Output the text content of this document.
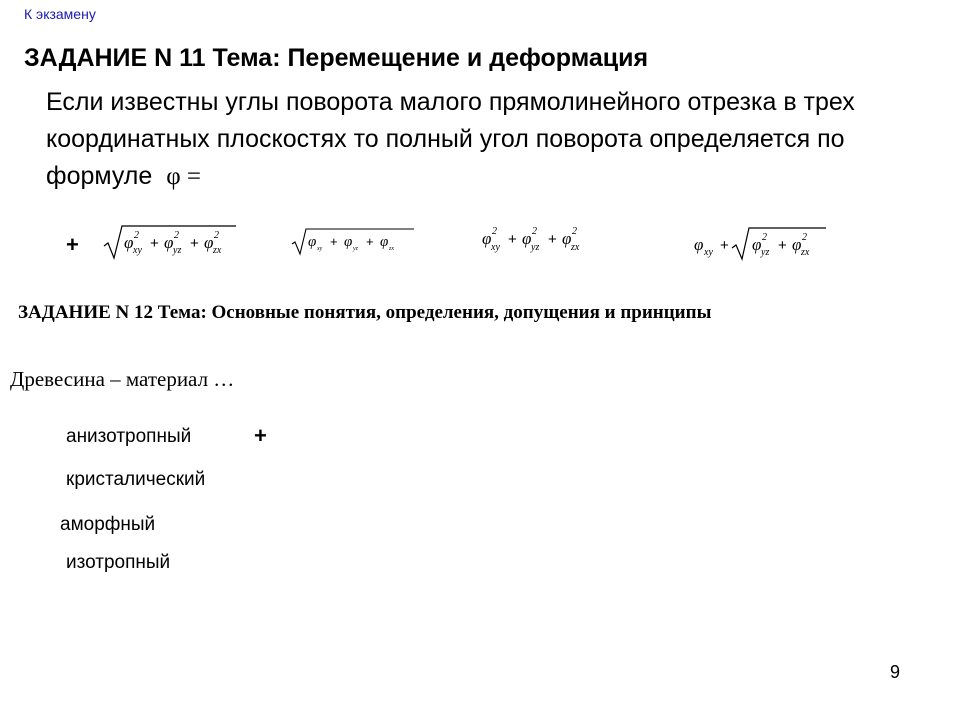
К экзамену
ЗАДАНИЕ N 11 Тема: Перемещение и деформация
Если известны углы поворота малого прямолинейного отрезка в трех координатных плоскостях то полный угол поворота определяется по формуле φ =
+	φ 2
xy + φ 2
yz + φ 2
zx
φ xy + φ yz + φ zx
φ 2
xy + φ 2
yz + φ 2
zx	φ xy + φ 2
yz + φ 2
zx
ЗАДАНИЕ N 12 Тема: Основные понятия, определения, допущения и принципы
Древесина – материал …
анизотропный	+
кристалический
аморфный
изотропный
9
